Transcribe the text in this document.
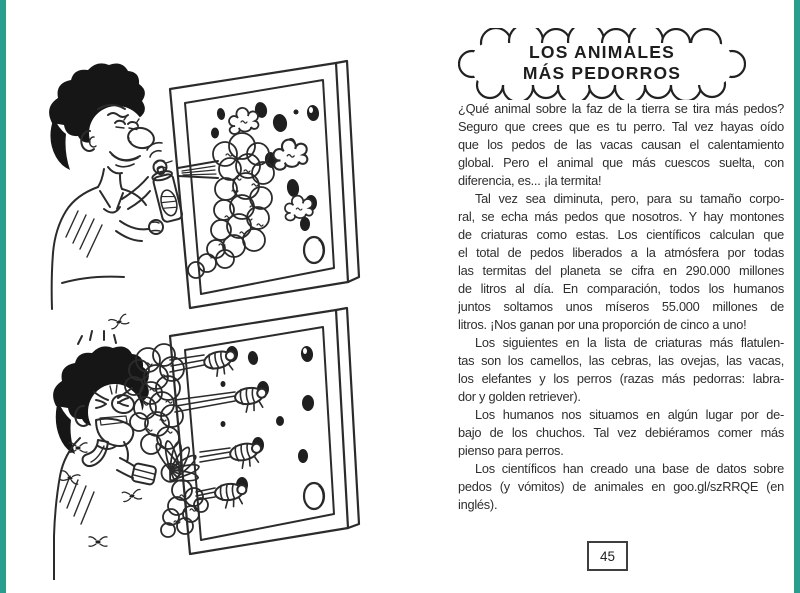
LOS ANIMALES
MÁS PEDORROS
¿Qué animal sobre la faz de la tierra se tira más pedos?
Seguro que crees que es tu perro. Tal vez hayas oído
que los pedos de las vacas causan el calentamiento
global. Pero el animal que más cuescos suelta, con
diferencia, es... ¡la termita!
Tal vez sea diminuta, pero, para su tamaño corpo-
ral, se echa más pedos que nosotros. Y hay montones
de criaturas como estas. Los científicos calculan que
el total de pedos liberados a la atmósfera por todas
las termitas del planeta se cifra en 290.000 millones
de litros al día. En comparación, todos los humanos
juntos soltamos unos míseros 55.000 millones de
litros. ¡Nos ganan por una proporción de cinco a uno!
Los siguientes en la lista de criaturas más flatulen-
tas son los camellos, las cebras, las ovejas, las vacas,
los elefantes y los perros (razas más pedorras: labra-
dor y golden retriever).
Los humanos nos situamos en algún lugar por de-
bajo de los chuchos. Tal vez debiéramos comer más
pienso para perros.
Los científicos han creado una base de datos sobre
pedos (y vómitos) de animales en goo.gl/szRRQE (en
inglés).
45
